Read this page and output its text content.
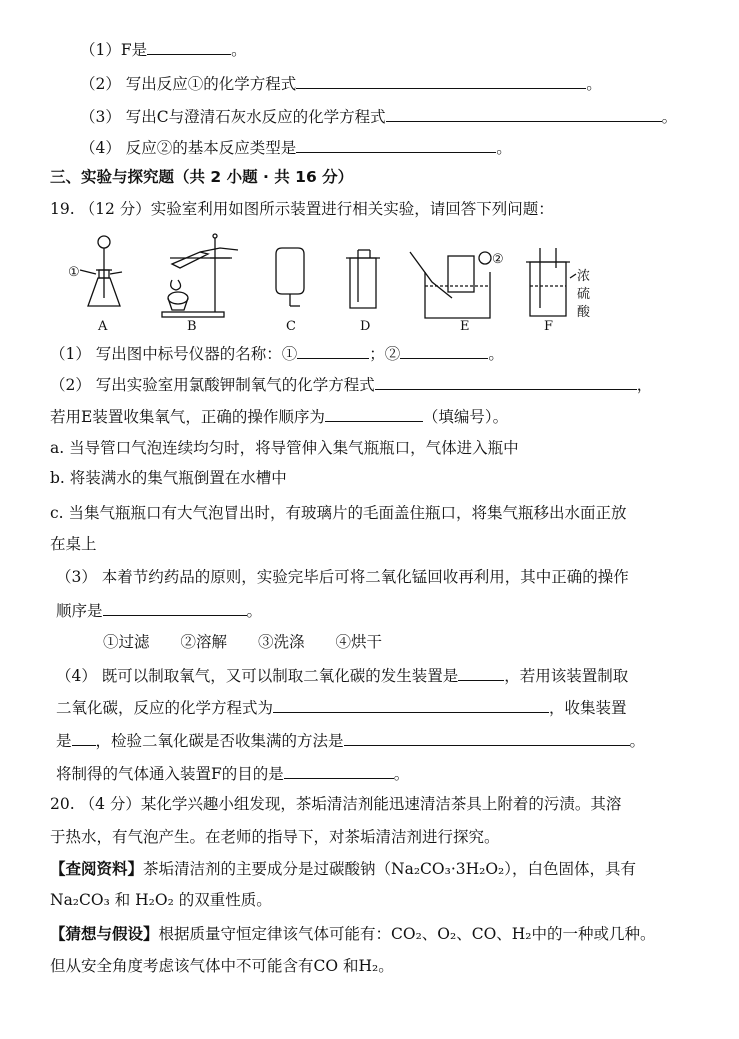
（1）F是	。
（2） 写出反应①的化学方程式	。
（3） 写出C与澄清石灰水反应的化学方程式	。
（4） 反应②的基本反应类型是	。
三、实验与探究题（共 2 小题 · 共 16 分）
19. （12 分）实验室利用如图所示装置进行相关实验，请回答下列问题：
①
②
浓
硫
酸
A	B	C	D	E	F
（1） 写出图中标号仪器的名称：①	；②	。
（2） 写出实验室用氯酸钾制氧气的化学方程式	，
若用E装置收集氧气，正确的操作顺序为	（填编号）。
a. 当导管口气泡连续均匀时，将导管伸入集气瓶瓶口，气体进入瓶中
b. 将装满水的集气瓶倒置在水槽中
c. 当集气瓶瓶口有大气泡冒出时，有玻璃片的毛面盖住瓶口，将集气瓶移出水面正放
在桌上
（3） 本着节约药品的原则，实验完毕后可将二氧化锰回收再利用，其中正确的操作
顺序是	。
①过滤　　②溶解　　③洗涤　　④烘干
（4） 既可以制取氧气，又可以制取二氧化碳的发生装置是	，若用该装置制取
二氧化碳，反应的化学方程式为	，收集装置
是 ，检验二氧化碳是否收集满的方法是	。
将制得的气体通入装置F的目的是	。
20. （4 分）某化学兴趣小组发现，茶垢清洁剂能迅速清洁茶具上附着的污渍。其溶
于热水，有气泡产生。在老师的指导下，对茶垢清洁剂进行探究。
【查阅资料】茶垢清洁剂的主要成分是过碳酸钠（Na₂CO₃·3H₂O₂），白色固体，具有
Na₂CO₃ 和 H₂O₂ 的双重性质。
【猜想与假设】根据质量守恒定律该气体可能有：CO₂、O₂、CO、H₂中的一种或几种。
但从安全角度考虑该气体中不可能含有CO 和H₂。
